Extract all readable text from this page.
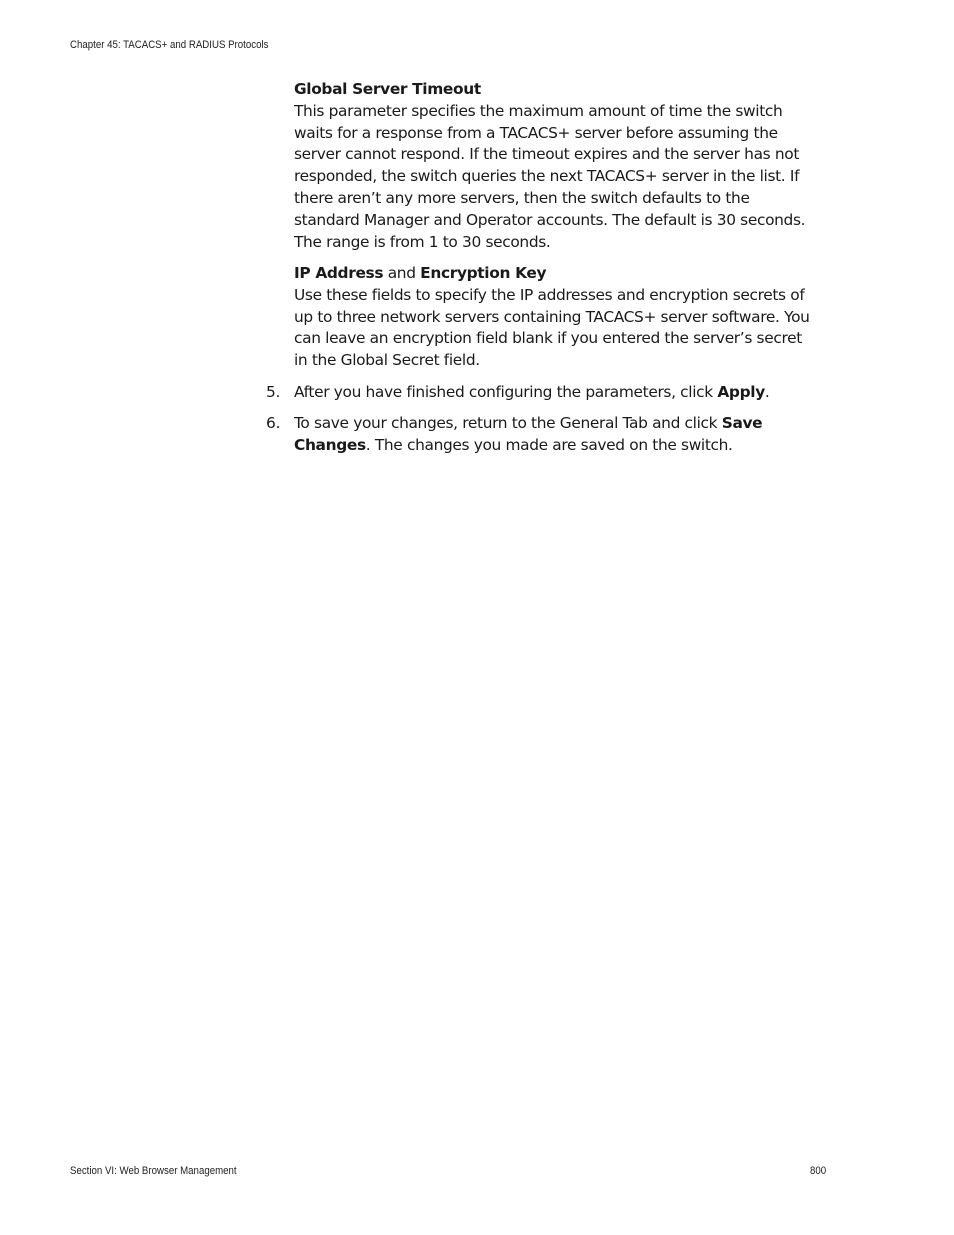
Chapter 45: TACACS+ and RADIUS Protocols
Global Server Timeout

This parameter specifies the maximum amount of time the switch waits for a response from a TACACS+ server before assuming the server cannot respond. If the timeout expires and the server has not responded, the switch queries the next TACACS+ server in the list. If there aren’t any more servers, then the switch defaults to the standard Manager and Operator accounts. The default is 30 seconds. The range is from 1 to 30 seconds.

IP Address and Encryption Key

Use these fields to specify the IP addresses and encryption secrets of up to three network servers containing TACACS+ server software. You can leave an encryption field blank if you entered the server’s secret in the Global Secret field.

5. After you have finished configuring the parameters, click Apply.
6. To save your changes, return to the General Tab and click Save Changes. The changes you made are saved on the switch.
Section VI: Web Browser Management	800
